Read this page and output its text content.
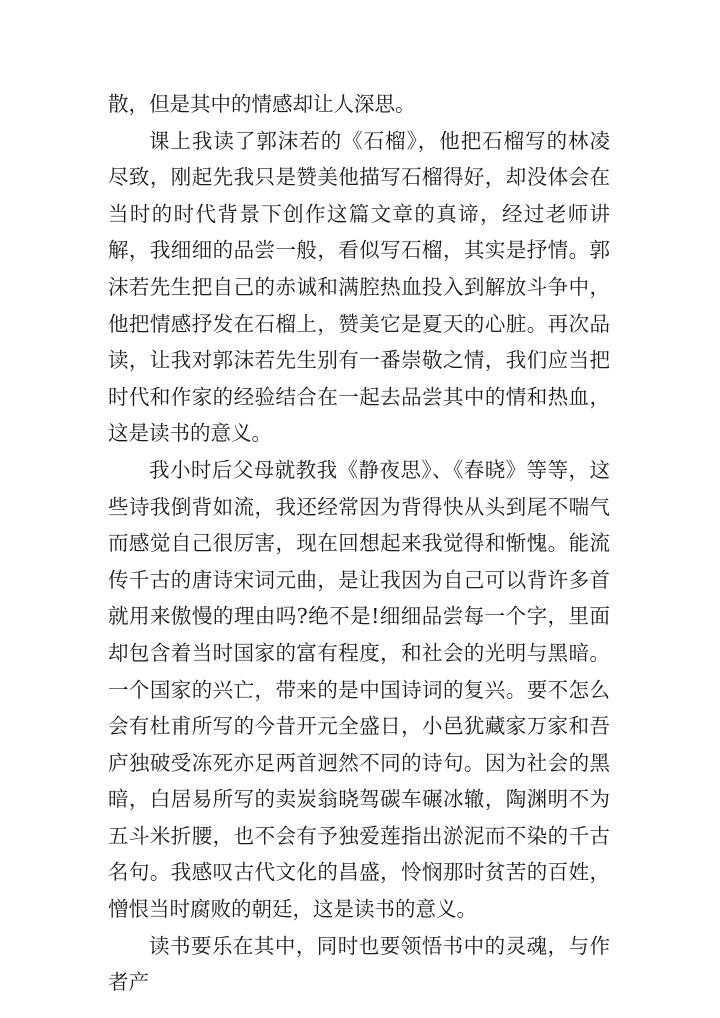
散，但是其中的情感却让人深思。

课上我读了郭沫若的《石榴》，他把石榴写的林凌尽致，刚起先我只是赞美他描写石榴得好，却没体会在当时的时代背景下创作这篇文章的真谛，经过老师讲解，我细细的品尝一般，看似写石榴，其实是抒情。郭沫若先生把自己的赤诚和满腔热血投入到解放斗争中，他把情感抒发在石榴上，赞美它是夏天的心脏。再次品读，让我对郭沫若先生别有一番崇敬之情，我们应当把时代和作家的经验结合在一起去品尝其中的情和热血，这是读书的意义。

我小时后父母就教我《静夜思》、《春晓》等等，这些诗我倒背如流，我还经常因为背得快从头到尾不喘气而感觉自己很厉害，现在回想起来我觉得和惭愧。能流传千古的唐诗宋词元曲，是让我因为自己可以背许多首就用来傲慢的理由吗?绝不是!细细品尝每一个字，里面却包含着当时国家的富有程度，和社会的光明与黑暗。一个国家的兴亡，带来的是中国诗词的复兴。要不怎么会有杜甫所写的今昔开元全盛日，小邑犹藏家万家和吾庐独破受冻死亦足两首迥然不同的诗句。因为社会的黑暗，白居易所写的卖炭翁晓驾碳车碾冰辙，陶渊明不为五斗米折腰，也不会有予独爱莲指出淤泥而不染的千古名句。我感叹古代文化的昌盛，怜悯那时贫苦的百姓，憎恨当时腐败的朝廷，这是读书的意义。

读书要乐在其中，同时也要领悟书中的灵魂，与作者产
